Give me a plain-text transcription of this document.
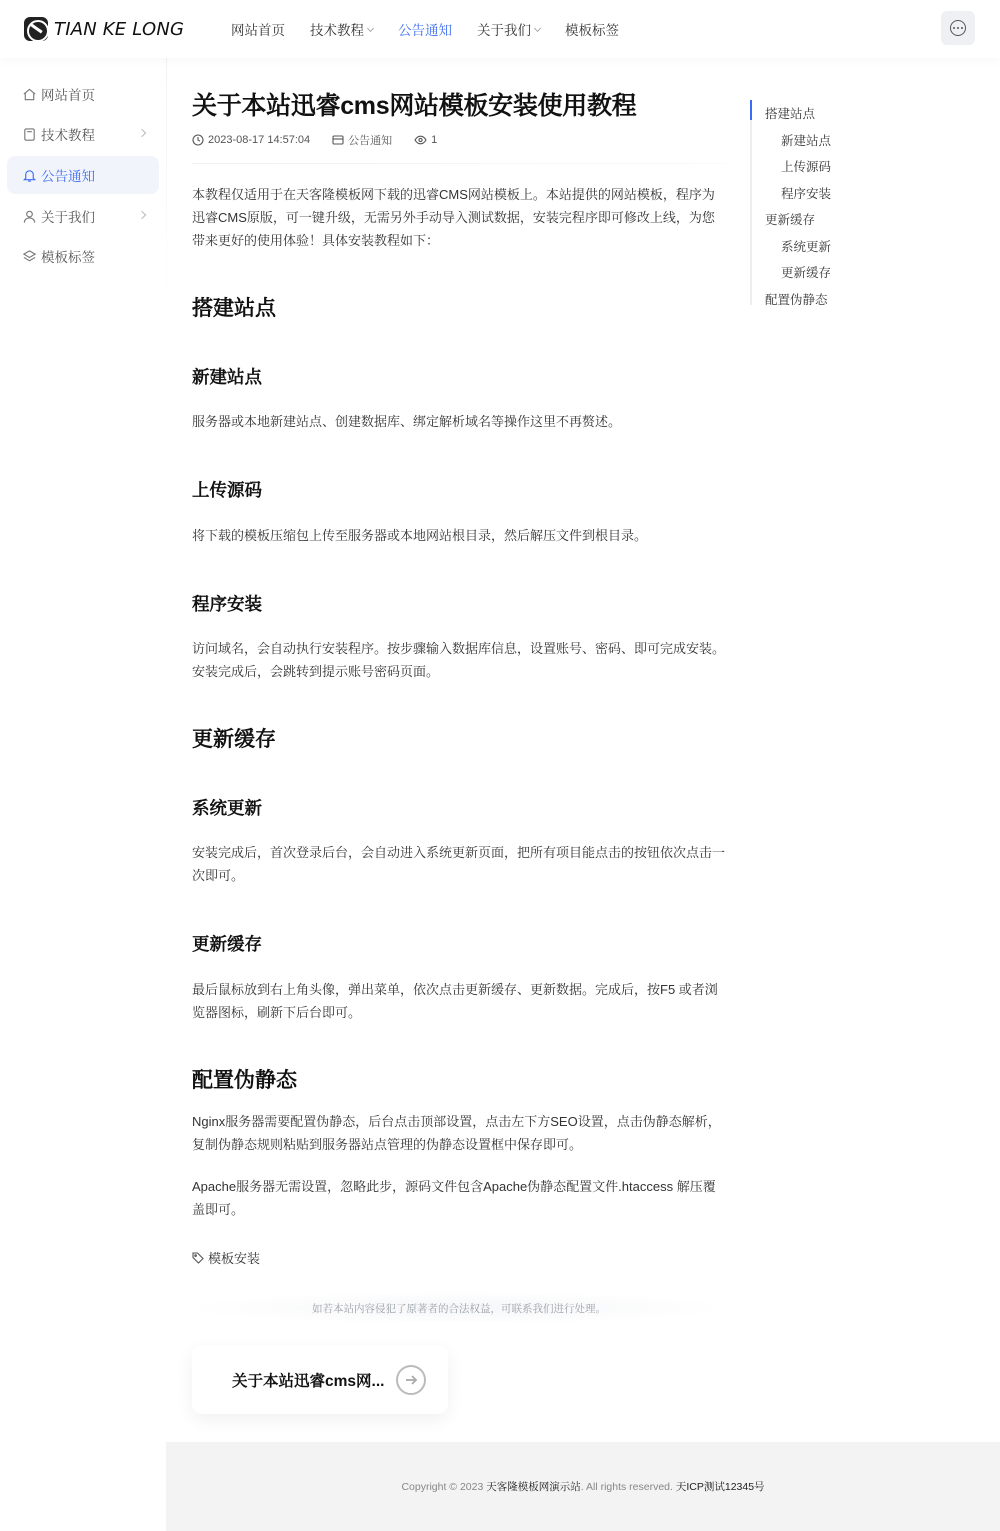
TIAN KE LONG	网站首页 技术教程	公告通知 关于我们	模板标签
网站首页
技术教程
公告通知
关于我们
模板标签
关于本站迅睿cms网站模板安装使用教程
2023-08-17 14:57:04	公告通知	1

本教程仅适用于在天客隆模板网下载的迅睿CMS网站模板上。本站提供的网站模板，程序为迅睿CMS原版，可一键升级，无需另外手动导入测试数据，安装完程序即可修改上线，为您带来更好的使用体验！具体安装教程如下：

搭建站点
新建站点

服务器或本地新建站点、创建数据库、绑定解析域名等操作这里不再赘述。

上传源码

将下载的模板压缩包上传至服务器或本地网站根目录，然后解压文件到根目录。

程序安装

访问域名，会自动执行安装程序。按步骤输入数据库信息，设置账号、密码、即可完成安装。安装完成后，会跳转到提示账号密码页面。

更新缓存
系统更新

安装完成后，首次登录后台，会自动进入系统更新页面，把所有项目能点击的按钮依次点击一次即可。

更新缓存

最后鼠标放到右上角头像，弹出菜单，依次点击更新缓存、更新数据。完成后，按F5 或者浏览器图标，刷新下后台即可。

配置伪静态

Nginx服务器需要配置伪静态，后台点击顶部设置，点击左下方SEO设置，点击伪静态解析，复制伪静态规则粘贴到服务器站点管理的伪静态设置框中保存即可。

Apache服务器无需设置，忽略此步，源码文件包含Apache伪静态配置文件.htaccess 解压覆盖即可。

模板安装
如若本站内容侵犯了原著者的合法权益，可联系我们进行处理。
关于本站迅睿cms网...
搭建站点
新建站点
上传源码
程序安装
更新缓存
系统更新
更新缓存
配置伪静态
Copyright © 2023
天客隆模板网演示站 . All rights reserved.
天ICP测试12345号
